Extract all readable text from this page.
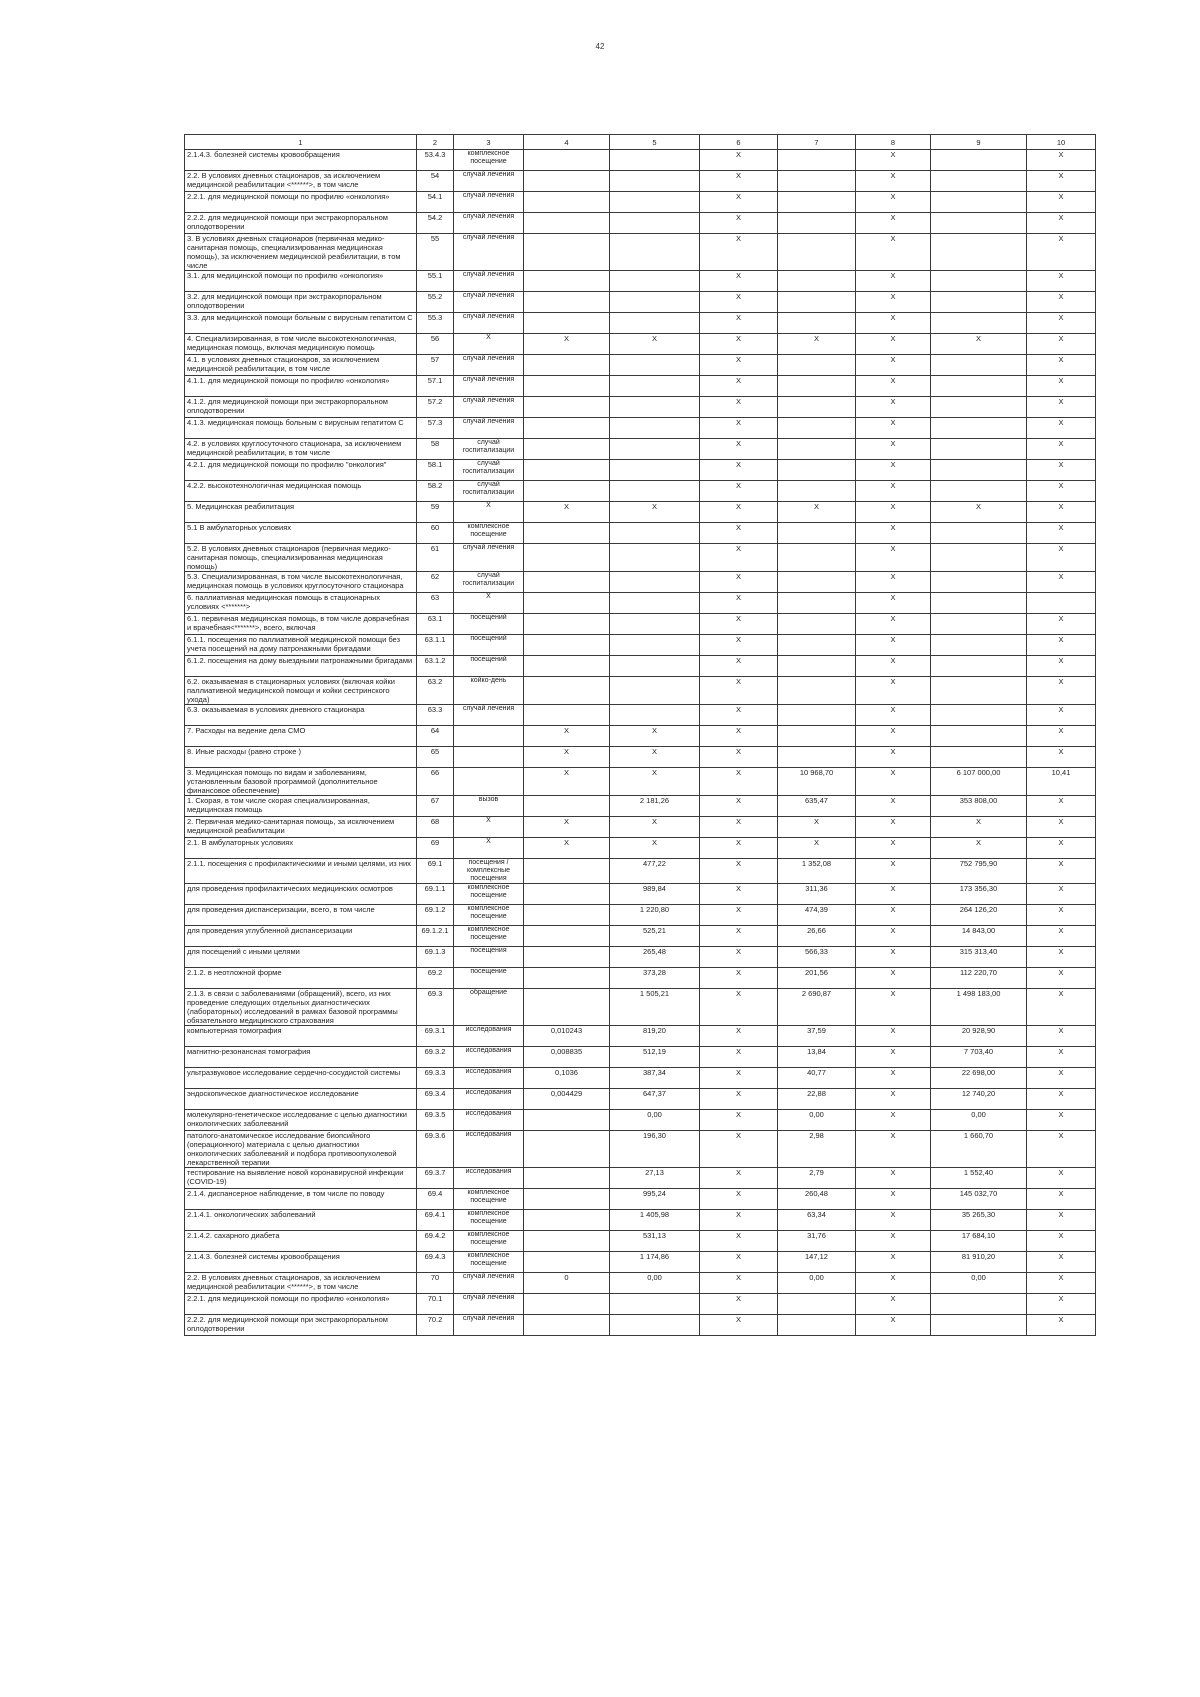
42
1	2	3	4	5	6	7	8	9	10
2.1.4.3. болезней системы кровообращения	53.4.3	комплексное посещение			X		X		X
2.2. В условиях дневных стационаров, за исключением медицинской реабилитации <******>, в том числе	54	случай лечения			X		X		X
2.2.1. для медицинской помощи по профилю «онкология»	54.1	случай лечения			X		X		X
2.2.2. для медицинской помощи при экстракорпоральном оплодотворении	54.2	случай лечения			X		X		X
3. В условиях дневных стационаров (первичная медико-санитарная помощь, специализированная медицинская помощь), за исключением медицинской реабилитации, в том числе	55	случай лечения			X		X		X
3.1. для медицинской помощи по профилю «онкология»	55.1	случай лечения			X		X		X
3.2. для медицинской помощи при экстракорпоральном оплодотворении	55.2	случай лечения			X		X		X
3.3. для медицинской помощи больным с вирусным гепатитом С	55.3	случай лечения			X		X		X
4. Специализированная, в том числе высокотехнологичная, медицинская помощь, включая медицинскую помощь	56	X	X	X	X	X	X	X	X
4.1. в условиях дневных стационаров, за исключением медицинской реабилитации, в том числе	57	случай лечения			X		X		X
4.1.1. для медицинской помощи по профилю «онкология»	57.1	случай лечения			X		X		X
4.1.2. для медицинской помощи при экстракорпоральном оплодотворении	57.2	случай лечения			X		X		X
4.1.3. медицинская помощь больным с вирусным гепатитом С	57.3	случай лечения			X		X		X
4.2. в условиях круглосуточного стационара, за исключением медицинской реабилитации, в том числе	58	случай госпитализации			X		X		X
4.2.1. для медицинской помощи по профилю "онкология"	58.1	случай госпитализации			X		X		X
4.2.2. высокотехнологичная медицинская помощь	58.2	случай госпитализации			X		X		X
5. Медицинская реабилитация	59	X	X	X	X	X	X	X	X
5.1 В амбулаторных условиях	60	комплексное посещение			X		X		X
5.2. В условиях дневных стационаров (первичная медико-санитарная помощь, специализированная медицинская помощь)	61	случай лечения			X		X		X
5.3. Специализированная, в том числе высокотехнологичная, медицинская помощь в условиях круглосуточного стационара	62	случай госпитализации			X		X		X
6. паллиативная медицинская помощь в стационарных условиях <*******>	63	X			X		X		
6.1. первичная медицинская помощь, в том числе доврачебная и врачебная<*******>, всего, включая	63.1	посещений			X		X		X
6.1.1. посещения по паллиативной медицинской помощи без учета посещений на дому патронажными бригадами	63.1.1	посещений			X		X		X
6.1.2. посещения на дому выездными патронажными бригадами	63.1.2	посещений			X		X		X
6.2. оказываемая в стационарных условиях (включая койки паллиативной медицинской помощи и койки сестринского ухода)	63.2	койко-день			X		X		X
6.3. оказываемая в условиях дневного стационара	63.3	случай лечения			X		X		X
7. Расходы на ведение дела СМО	64		X	X	X		X		X
8. Иные расходы (равно строке )	65		X	X	X		X		X
3. Медицинская помощь по видам и заболеваниям, установленным базовой программой (дополнительное финансовое обеспечение)	66		X	X	X	10 968,70	X	6 107 000,00	10,41
1. Скорая, в том числе скорая специализированная, медицинская помощь	67	вызов		2 181,26	X	635,47	X	353 808,00	X
2. Первичная медико-санитарная помощь, за исключением медицинской реабилитации	68	X	X	X	X	X	X	X	X
2.1. В амбулаторных условиях	69	X	X	X	X	X	X	X	X
2.1.1. посещения с профилактическими и иными целями, из них	69.1	посещения / комплексные посещения		477,22	X	1 352,08	X	752 795,90	X
для проведения профилактических медицинских осмотров	69.1.1	комплексное посещение		989,84	X	311,36	X	173 356,30	X
для проведения диспансеризации, всего, в том числе	69.1.2	комплексное посещение		1 220,80	X	474,39	X	264 126,20	X
для проведения углубленной диспансеризации	69.1.2.1	комплексное посещение		525,21	X	26,66	X	14 843,00	X
для посещений с иными целями	69.1.3	посещения		265,48	X	566,33	X	315 313,40	X
2.1.2. в неотложной форме	69.2	посещение		373,28	X	201,56	X	112 220,70	X
2.1.3. в связи с заболеваниями (обращений), всего, из них проведение следующих отдельных диагностических (лабораторных) исследований в рамках базовой программы обязательного медицинского страхования	69.3	обращение		1 505,21	X	2 690,87	X	1 498 183,00	X
компьютерная томография	69.3.1	исследования	0,010243	819,20	X	37,59	X	20 928,90	X
магнитно-резонансная томография	69.3.2	исследования	0,008835	512,19	X	13,84	X	7 703,40	X
ультразвуковое исследование сердечно-сосудистой системы	69.3.3	исследования	0,1036	387,34	X	40,77	X	22 698,00	X
эндоскопическое диагностическое исследование	69.3.4	исследования	0,004429	647,37	X	22,88	X	12 740,20	X
молекулярно-генетическое исследование с целью диагностики онкологических заболеваний	69.3.5	исследования		0,00	X	0,00	X	0,00	X
патолого-анатомическое исследование биопсийного (операционного) материала с целью диагностики онкологических заболеваний и подбора противоопухолевой лекарственной терапии	69.3.6	исследования		196,30	X	2,98	X	1 660,70	X
тестирование на выявление новой коронавирусной инфекции (COVID-19)	69.3.7	исследования		27,13	X	2,79	X	1 552,40	X
2.1.4. диспансерное наблюдение, в том числе по поводу	69.4	комплексное посещение		995,24	X	260,48	X	145 032,70	X
2.1.4.1. онкологических заболеваний	69.4.1	комплексное посещение		1 405,98	X	63,34	X	35 265,30	X
2.1.4.2. сахарного диабета	69.4.2	комплексное посещение		531,13	X	31,76	X	17 684,10	X
2.1.4.3. болезней системы кровообращения	69.4.3	комплексное посещение		1 174,86	X	147,12	X	81 910,20	X
2.2. В условиях дневных стационаров, за исключением медицинской реабилитации <******>, в том числе	70	случай лечения	0	0,00	X	0,00	X	0,00	X
2.2.1. для медицинской помощи по профилю «онкология»	70.1	случай лечения			X		X		X
2.2.2. для медицинской помощи при экстракорпоральном оплодотворении	70.2	случай лечения			X		X		X
